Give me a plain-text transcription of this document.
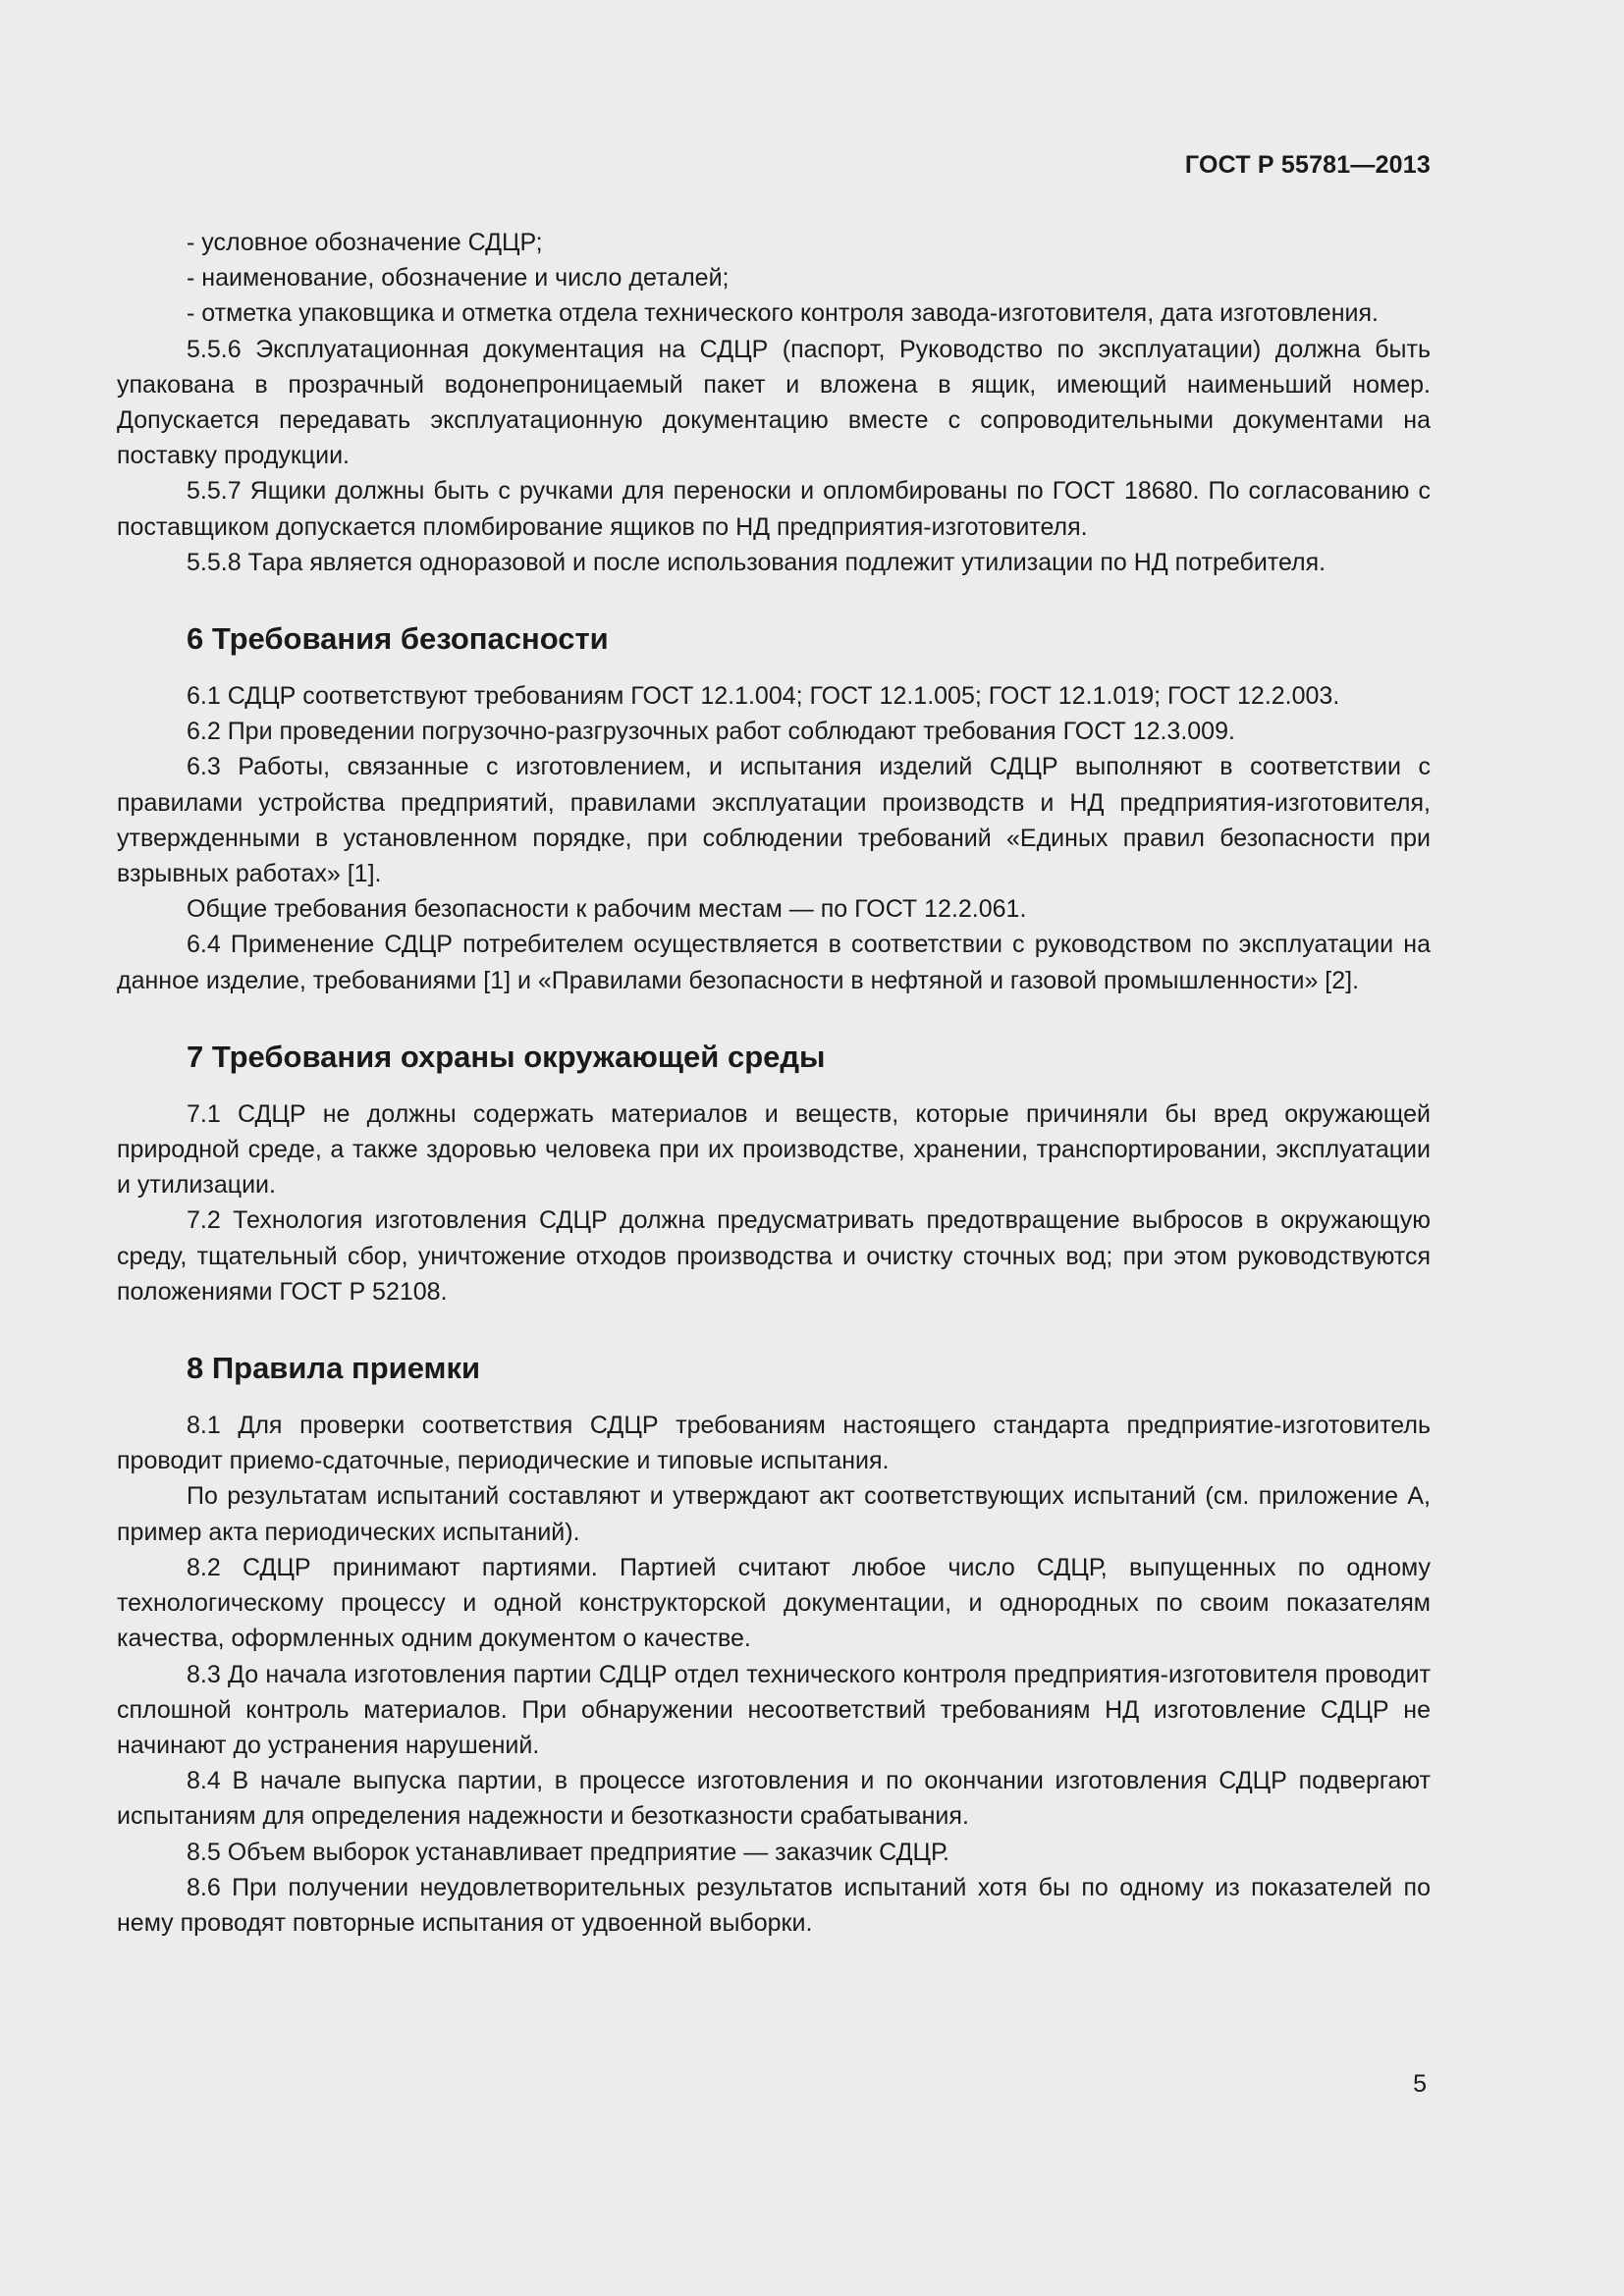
ГОСТ Р 55781—2013

- условное обозначение СДЦР;

- наименование, обозначение и число деталей;

- отметка упаковщика и отметка отдела технического контроля завода-изготовителя, дата изготовления.

5.5.6 Эксплуатационная документация на СДЦР (паспорт, Руководство по эксплуатации) должна быть упакована в прозрачный водонепроницаемый пакет и вложена в ящик, имеющий наименьший номер. Допускается передавать эксплуатационную документацию вместе с сопроводительными документами на поставку продукции.

5.5.7 Ящики должны быть с ручками для переноски и опломбированы по ГОСТ 18680. По согласованию с поставщиком допускается пломбирование ящиков по НД предприятия-изготовителя.

5.5.8 Тара является одноразовой и после использования подлежит утилизации по НД потребителя.

6 Требования безопасности

6.1 СДЦР соответствуют требованиям ГОСТ 12.1.004; ГОСТ 12.1.005; ГОСТ 12.1.019; ГОСТ 12.2.003.

6.2 При проведении погрузочно-разгрузочных работ соблюдают требования ГОСТ 12.3.009.

6.3 Работы, связанные с изготовлением, и испытания изделий СДЦР выполняют в соответствии с правилами устройства предприятий, правилами эксплуатации производств и НД предприятия-изготовителя, утвержденными в установленном порядке, при соблюдении требований «Единых правил безопасности при взрывных работах» [1].

Общие требования безопасности к рабочим местам — по ГОСТ 12.2.061.

6.4 Применение СДЦР потребителем осуществляется в соответствии с руководством по эксплуатации на данное изделие, требованиями [1] и «Правилами безопасности в нефтяной и газовой промышленности» [2].

7 Требования охраны окружающей среды

7.1 СДЦР не должны содержать материалов и веществ, которые причиняли бы вред окружающей природной среде, а также здоровью человека при их производстве, хранении, транспортировании, эксплуатации и утилизации.

7.2 Технология изготовления СДЦР должна предусматривать предотвращение выбросов в окружающую среду, тщательный сбор, уничтожение отходов производства и очистку сточных вод; при этом руководствуются положениями ГОСТ Р 52108.

8 Правила приемки

8.1 Для проверки соответствия СДЦР требованиям настоящего стандарта предприятие-изготовитель проводит приемо-сдаточные, периодические и типовые испытания.

По результатам испытаний составляют и утверждают акт соответствующих испытаний (см. приложение А, пример акта периодических испытаний).

8.2 СДЦР принимают партиями. Партией считают любое число СДЦР, выпущенных по одному технологическому процессу и одной конструкторской документации, и однородных по своим показателям качества, оформленных одним документом о качестве.

8.3 До начала изготовления партии СДЦР отдел технического контроля предприятия-изготовителя проводит сплошной контроль материалов. При обнаружении несоответствий требованиям НД изготовление СДЦР не начинают до устранения нарушений.

8.4 В начале выпуска партии, в процессе изготовления и по окончании изготовления СДЦР подвергают испытаниям для определения надежности и безотказности срабатывания.

8.5 Объем выборок устанавливает предприятие — заказчик СДЦР.

8.6 При получении неудовлетворительных результатов испытаний хотя бы по одному из показателей по нему проводят повторные испытания от удвоенной выборки.

5
